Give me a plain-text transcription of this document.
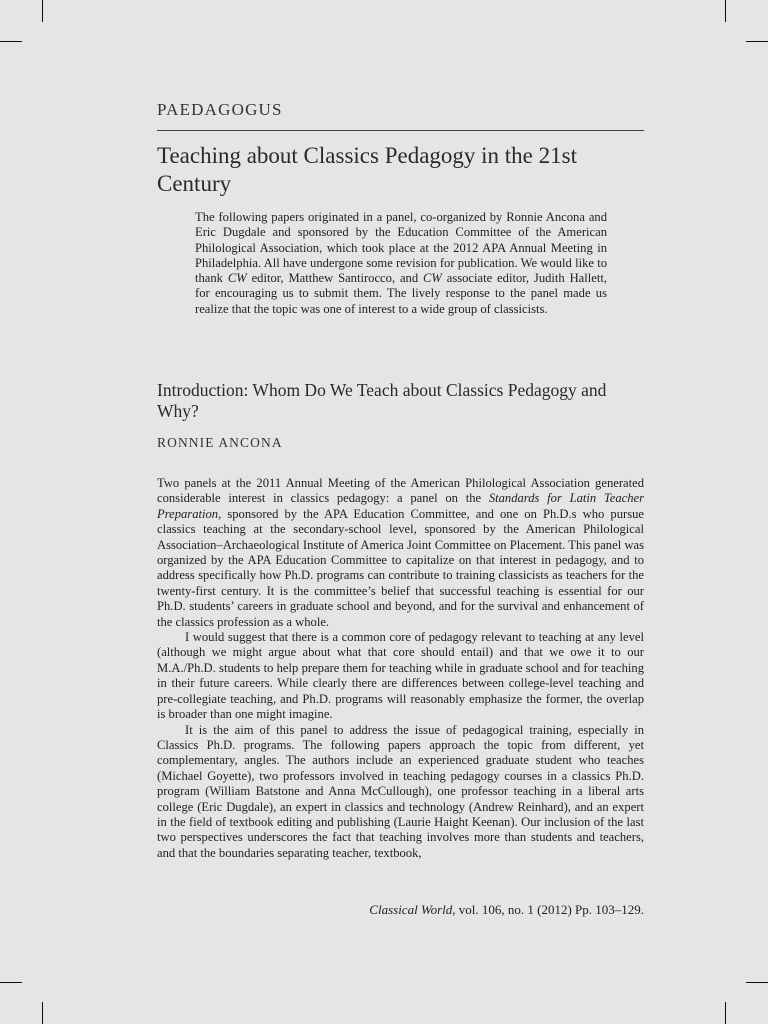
PAEDAGOGUS
Teaching about Classics Pedagogy in the 21st Century

The following papers originated in a panel, co-organized by Ronnie Ancona and Eric Dugdale and sponsored by the Education Committee of the American Philological Association, which took place at the 2012 APA Annual Meeting in Philadelphia. All have undergone some revision for publication. We would like to thank CW editor, Matthew Santirocco, and CW associate editor, Judith Hallett, for encouraging us to submit them. The lively response to the panel made us realize that the topic was one of interest to a wide group of classicists.

Introduction: Whom Do We Teach about Classics Pedagogy and Why?
RONNIE ANCONA

Two panels at the 2011 Annual Meeting of the American Philological Association generated considerable interest in classics pedagogy: a panel on the Standards for Latin Teacher Preparation, sponsored by the APA Education Committee, and one on Ph.D.s who pursue classics teaching at the secondary-school level, sponsored by the American Philological Association–Archaeological Institute of America Joint Committee on Placement. This panel was organized by the APA Education Committee to capitalize on that interest in pedagogy, and to address specifically how Ph.D. programs can contribute to training classicists as teachers for the twenty-first century. It is the committee’s belief that successful teaching is essential for our Ph.D. students’ careers in graduate school and beyond, and for the survival and enhancement of the classics profession as a whole.

I would suggest that there is a common core of pedagogy relevant to teaching at any level (although we might argue about what that core should entail) and that we owe it to our M.A./Ph.D. students to help prepare them for teaching while in graduate school and for teaching in their future careers. While clearly there are differences between college-level teaching and pre-collegiate teaching, and Ph.D. programs will reasonably emphasize the former, the overlap is broader than one might imagine.

It is the aim of this panel to address the issue of pedagogical training, especially in Classics Ph.D. programs. The following papers approach the topic from different, yet complementary, angles. The authors include an experienced graduate student who teaches (Michael Goyette), two professors involved in teaching pedagogy courses in a classics Ph.D. program (William Batstone and Anna McCullough), one professor teaching in a liberal arts college (Eric Dugdale), an expert in classics and technology (Andrew Reinhard), and an expert in the field of textbook editing and publishing (Laurie Haight Keenan). Our inclusion of the last two perspectives underscores the fact that teaching involves more than students and teachers, and that the boundaries separating teacher, textbook,

Classical World, vol. 106, no. 1 (2012) Pp. 103–129.
